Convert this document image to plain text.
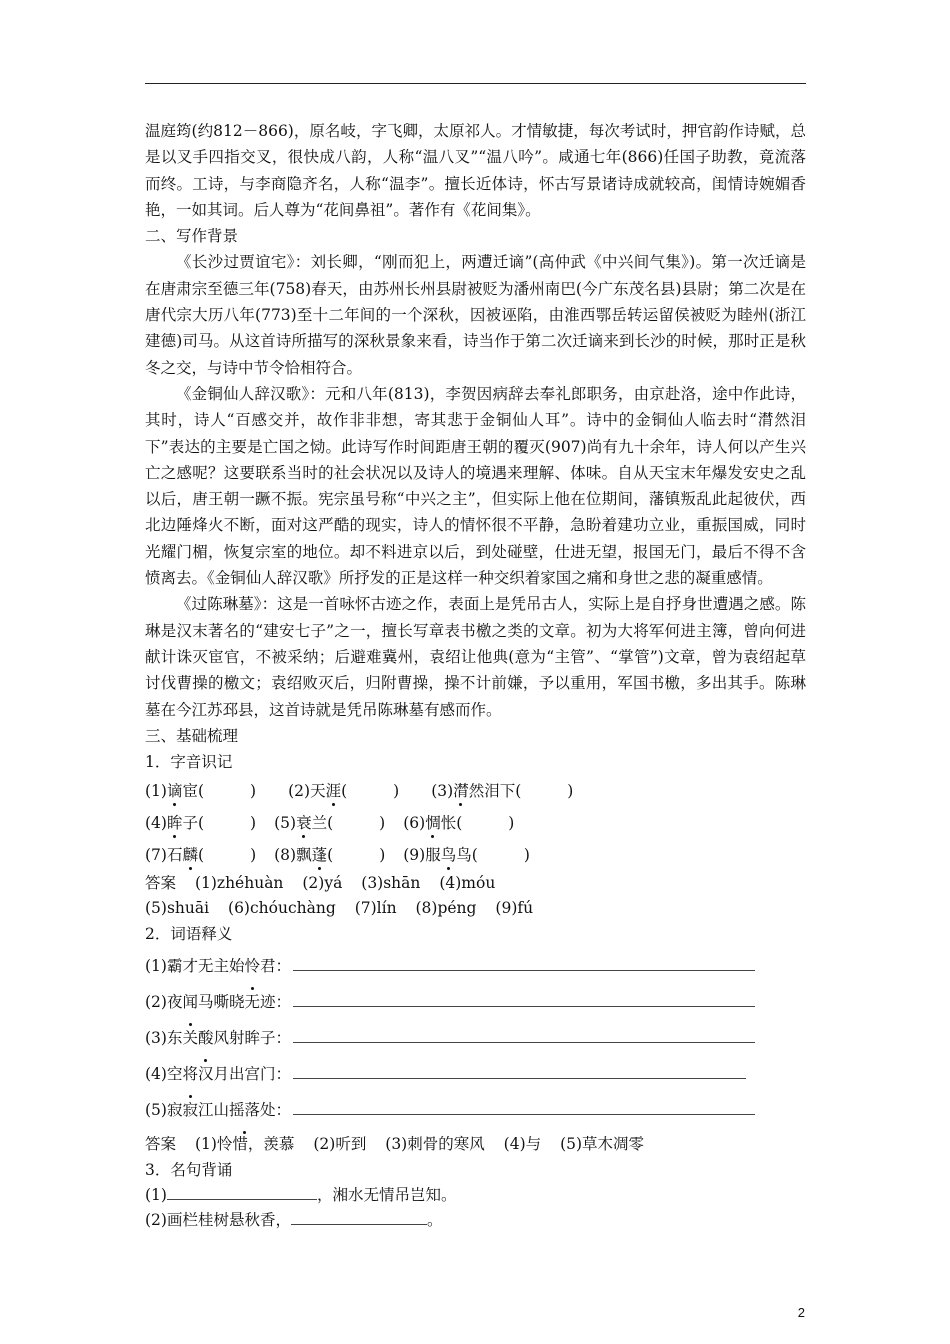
温庭筠(约812－866)，原名岐，字飞卿，太原祁人。才情敏捷，每次考试时，押官韵作诗赋，总是以叉手四指交叉，很快成八韵，人称“温八叉”“温八吟”。咸通七年(866)任国子助教，竟流落而终。工诗，与李商隐齐名，人称“温李”。擅长近体诗，怀古写景诸诗成就较高，闺情诗婉媚香艳，一如其词。后人尊为“花间鼻祖”。著作有《花间集》。

二、写作背景

《长沙过贾谊宅》：刘长卿，“刚而犯上，两遭迁谪”(高仲武《中兴间气集》)。第一次迁谪是在唐肃宗至德三年(758)春天，由苏州长州县尉被贬为潘州南巴(今广东茂名县)县尉；第二次是在唐代宗大历八年(773)至十二年间的一个深秋，因被诬陷，由淮西鄂岳转运留侯被贬为睦州(浙江建德)司马。从这首诗所描写的深秋景象来看，诗当作于第二次迁谪来到长沙的时候，那时正是秋冬之交，与诗中节令恰相符合。

《金铜仙人辞汉歌》：元和八年(813)，李贺因病辞去奉礼郎职务，由京赴洛，途中作此诗，其时，诗人“百感交并，故作非非想，寄其悲于金铜仙人耳”。诗中的金铜仙人临去时“潸然泪下”表达的主要是亡国之恸。此诗写作时间距唐王朝的覆灭(907)尚有九十余年，诗人何以产生兴亡之感呢？这要联系当时的社会状况以及诗人的境遇来理解、体味。自从天宝末年爆发安史之乱以后，唐王朝一蹶不振。宪宗虽号称“中兴之主”，但实际上他在位期间，藩镇叛乱此起彼伏，西北边陲烽火不断，面对这严酷的现实，诗人的情怀很不平静，急盼着建功立业，重振国威，同时光耀门楣，恢复宗室的地位。却不料进京以后，到处碰壁，仕进无望，报国无门，最后不得不含愤离去。《金铜仙人辞汉歌》所抒发的正是这样一种交织着家国之痛和身世之悲的凝重感情。

《过陈琳墓》：这是一首咏怀古迹之作，表面上是凭吊古人，实际上是自抒身世遭遇之感。陈琳是汉末著名的“建安七子”之一，擅长写章表书檄之类的文章。初为大将军何进主簿，曾向何进献计诛灭宦官，不被采纳；后避难冀州，袁绍让他典(意为“主管”、“掌管”)文章，曾为袁绍起草讨伐曹操的檄文；袁绍败灭后，归附曹操，操不计前嫌，予以重用，军国书檄，多出其手。陈琳墓在今江苏邳县，这首诗就是凭吊陈琳墓有感而作。

三、基础梳理

1．字音识记

(1)谪宦(	) (2)天涯(	) (3)潸然泪下(	)
(4)眸子(	) (5)衰兰(	) (6)惆怅(	)
(7)石麟(	) (8)飘蓬(	) (9)服鸟鸟(	)
答案 (1)zhéhuàn (2)yá (3)shān (4)móu
(5)shuāi (6)chóuchàng (7)lín (8)péng (9)fú

2．词语释义

(1)霸才无主始 怜 君：
(2)夜 闻 马嘶晓无迹：
(3)东关 酸 风射眸子：
(4)空 将 汉月出宫门：
(5)寂寂江山 摇落 处：
答案 (1)怜惜，羡慕 (2)听到 (3)刺骨的寒风 (4)与 (5)草木凋零

3．名句背诵

(1)	，湘水无情吊岂知。
(2)画栏桂树悬秋香，	。
2
